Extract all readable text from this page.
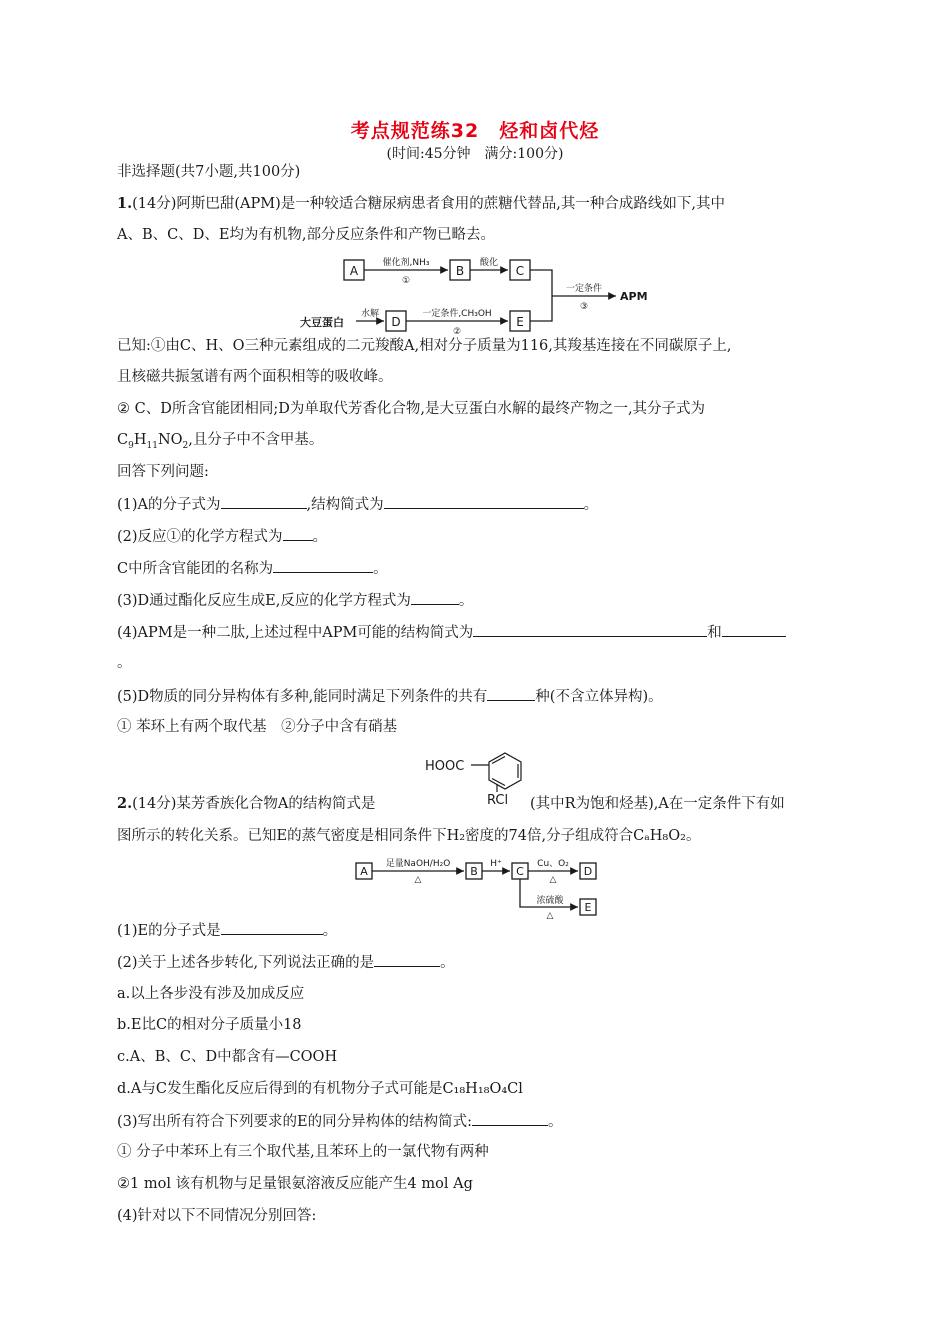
考点规范练32　烃和卤代烃
(时间:45分钟　满分:100分)
非选择题(共7小题,共100分)
1.(14分)阿斯巴甜(APM)是一种较适合糖尿病患者食用的蔗糖代替品,其一种合成路线如下,其中
A、B、C、D、E均为有机物,部分反应条件和产物已略去。
A	B	C
D	E
大豆蛋白
APM
催化剂,NH₃
①
酸化
水解	一定条件,CH₃OH
②
一定条件
③
已知:①由C、H、O三种元素组成的二元羧酸A,相对分子质量为116,其羧基连接在不同碳原子上,
且核磁共振氢谱有两个面积相等的吸收峰。
② C、D所含官能团相同;D为单取代芳香化合物,是大豆蛋白水解的最终产物之一,其分子式为
$C_9H_{11}NO_2$,且分子中不含甲基。
回答下列问题:
(1)A的分子式为	,结构简式为	。
(2)反应①的化学方程式为 。
C中所含官能团的名称为	。
(3)D通过酯化反应生成E,反应的化学方程式为	。
(4)APM是一种二肽,上述过程中APM可能的结构简式为	和
。
(5)D物质的同分异构体有多种,能同时满足下列条件的共有	种(不含立体异构)。
① 苯环上有两个取代基　②分子中含有硝基
HOOC
RCl
2.(14分)某芳香族化合物A的结构简式是	(其中R为饱和烃基),A在一定条件下有如
图所示的转化关系。已知E的蒸气密度是相同条件下H₂密度的74倍,分子组成符合CₐH₈O₂。
A	B	C	D
E
足量NaOH/H₂O
△
H⁺	Cu、O₂
△
浓硫酸
△
(1)E的分子式是	。
(2)关于上述各步转化,下列说法正确的是	。
a.以上各步没有涉及加成反应
b.E比C的相对分子质量小18
c.A、B、C、D中都含有—COOH
d.A与C发生酯化反应后得到的有机物分子式可能是C₁₈H₁₈O₄Cl
(3)写出所有符合下列要求的E的同分异构体的结构简式:	。
① 分子中苯环上有三个取代基,且苯环上的一氯代物有两种
②1 mol 该有机物与足量银氨溶液反应能产生4 mol Ag
(4)针对以下不同情况分别回答:
